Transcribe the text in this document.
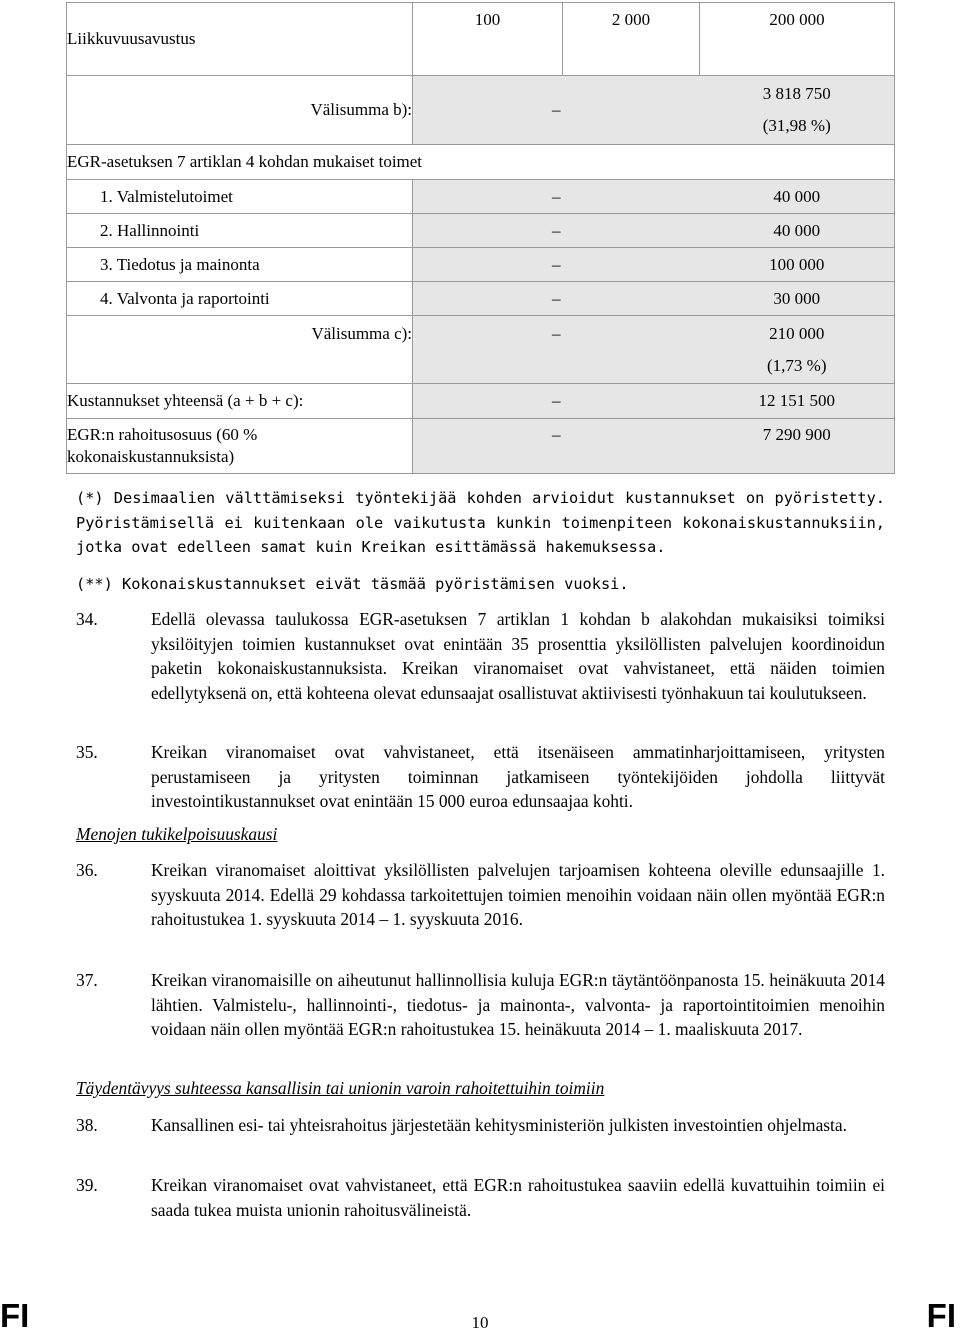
Liikkuvuusavustus	100	2 000	200 000
Välisumma b):	–		3 818 750
(31,98 %)

EGR-asetuksen 7 artiklan 4 kohdan mukaiset toimet			
1. Valmistelutoimet	–		40 000
2. Hallinnointi	–		40 000
3. Tiedotus ja mainonta	–		100 000
4. Valvonta ja raportointi	–		30 000
Välisumma c):	–		210 000
(1,73 %)

Kustannukset yhteensä (a + b + c):	–		12 151 500

EGR:n rahoitusosuus (60 %
kokonaiskustannuksista)	–		7 290 900
(*) Desimaalien välttämiseksi työntekijää kohden arvioidut kustannukset on pyöristetty. Pyöristämisellä ei kuitenkaan ole vaikutusta kunkin toimenpiteen kokonaiskustannuksiin, jotka ovat edelleen samat kuin Kreikan esittämässä hakemuksessa.
(**) Kokonaiskustannukset eivät täsmää pyöristämisen vuoksi.
34.	Edellä olevassa taulukossa EGR-asetuksen 7 artiklan 1 kohdan b alakohdan mukaisiksi toimiksi yksilöityjen toimien kustannukset ovat enintään 35 prosenttia yksilöllisten palvelujen koordinoidun paketin kokonaiskustannuksista. Kreikan viranomaiset ovat vahvistaneet, että näiden toimien edellytyksenä on, että kohteena olevat edunsaajat osallistuvat aktiivisesti työnhakuun tai koulutukseen.
35.	Kreikan viranomaiset ovat vahvistaneet, että itsenäiseen ammatinharjoittamiseen, yritysten perustamiseen ja yritysten toiminnan jatkamiseen työntekijöiden johdolla liittyvät investointikustannukset ovat enintään 15 000 euroa edunsaajaa kohti.
Menojen tukikelpoisuuskausi
36.	Kreikan viranomaiset aloittivat yksilöllisten palvelujen tarjoamisen kohteena oleville edunsaajille 1. syyskuuta 2014. Edellä 29 kohdassa tarkoitettujen toimien menoihin voidaan näin ollen myöntää EGR:n rahoitustukea 1. syyskuuta 2014 – 1. syyskuuta 2016.
37.	Kreikan viranomaisille on aiheutunut hallinnollisia kuluja EGR:n täytäntöönpanosta 15. heinäkuuta 2014 lähtien. Valmistelu-, hallinnointi-, tiedotus- ja mainonta-, valvonta- ja raportointitoimien menoihin voidaan näin ollen myöntää EGR:n rahoitustukea 15. heinäkuuta 2014 – 1. maaliskuuta 2017.
Täydentävyys suhteessa kansallisin tai unionin varoin rahoitettuihin toimiin
38.	Kansallinen esi- tai yhteisrahoitus järjestetään kehitysministeriön julkisten investointien ohjelmasta.
39.	Kreikan viranomaiset ovat vahvistaneet, että EGR:n rahoitustukea saaviin edellä kuvattuihin toimiin ei saada tukea muista unionin rahoitusvälineistä.
FI	10	FI
